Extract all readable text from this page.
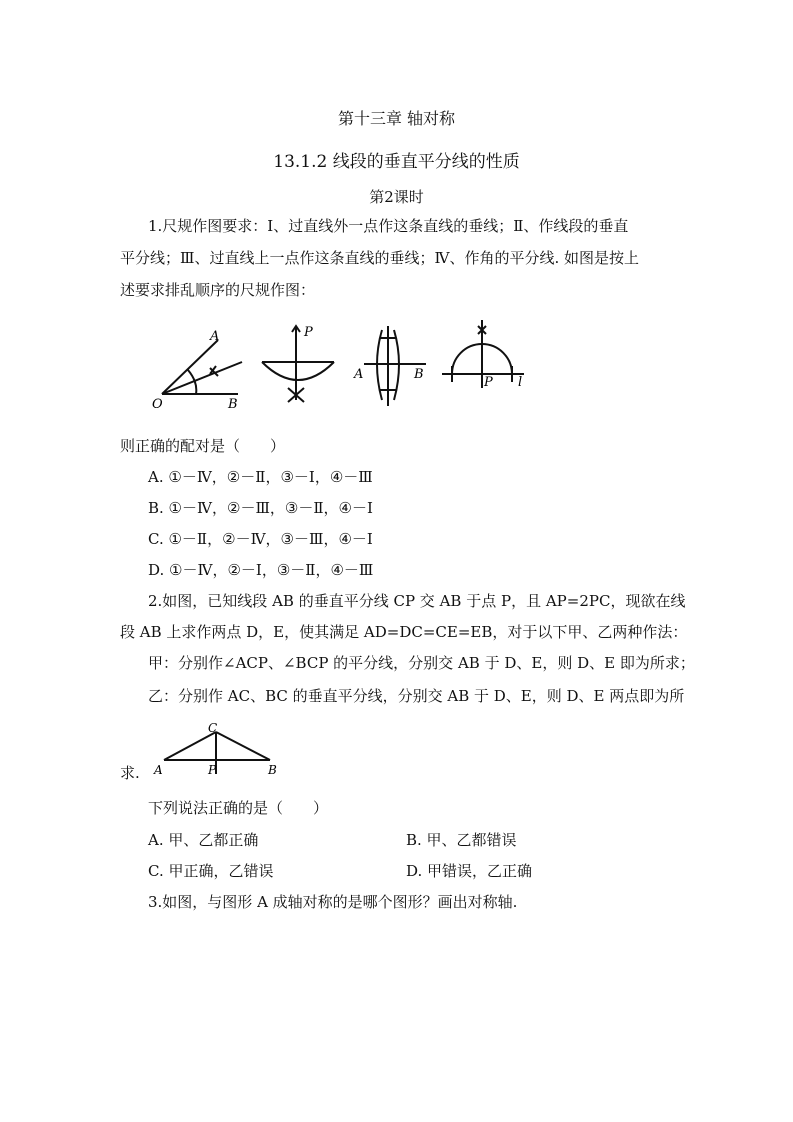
第十三章 轴对称
13.1.2 线段的垂直平分线的性质
第2课时
1.尺规作图要求：Ⅰ、过直线外一点作这条直线的垂线；Ⅱ、作线段的垂直
平分线；Ⅲ、过直线上一点作这条直线的垂线；Ⅳ、作角的平分线. 如图是按上
述要求排乱顺序的尺规作图：
A
O	B
P
A	B
P l
则正确的配对是（　　）
A. ①－Ⅳ，②－Ⅱ，③－Ⅰ，④－Ⅲ
B. ①－Ⅳ，②－Ⅲ，③－Ⅱ，④－Ⅰ
C. ①－Ⅱ，②－Ⅳ，③－Ⅲ，④－Ⅰ
D. ①－Ⅳ，②－Ⅰ，③－Ⅱ，④－Ⅲ
2.如图，已知线段 AB 的垂直平分线 CP 交 AB 于点 P，且 AP=2PC，现欲在线
段 AB 上求作两点 D，E，使其满足 AD=DC=CE=EB，对于以下甲、乙两种作法：
甲：分别作∠ACP、∠BCP 的平分线，分别交 AB 于 D、E，则 D、E 即为所求；
乙：分别作 AC、BC 的垂直平分线，分别交 AB 于 D、E，则 D、E 两点即为所
求.
C
A	P	B
下列说法正确的是（　　）
A. 甲、乙都正确	B. 甲、乙都错误
C. 甲正确，乙错误	D. 甲错误，乙正确
3.如图，与图形 A 成轴对称的是哪个图形？画出对称轴.
